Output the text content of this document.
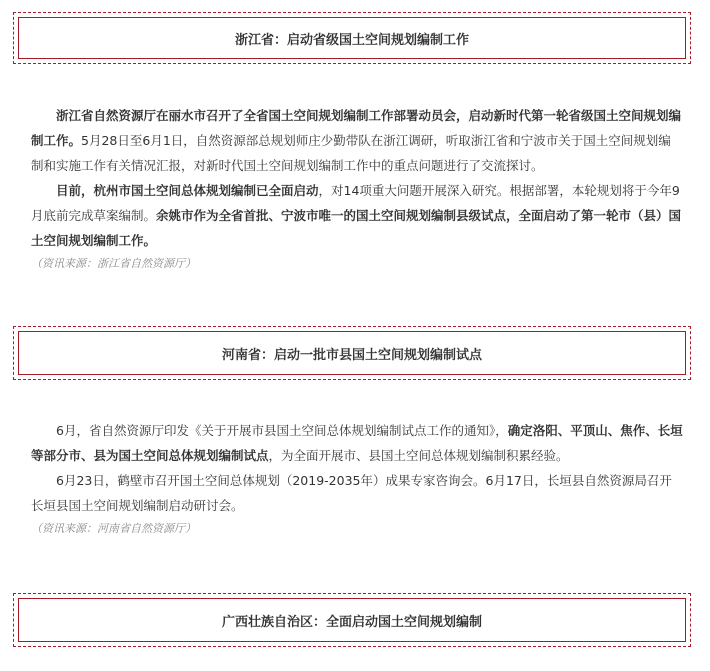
浙江省：启动省级国土空间规划编制工作

浙江省自然资源厅在丽水市召开了全省国土空间规划编制工作部署动员会，启动新时代第一轮省级国土空间规划编制工作。5月28日至6月1日，自然资源部总规划师庄少勤带队在浙江调研，听取浙江省和宁波市关于国土空间规划编制和实施工作有关情况汇报，对新时代国土空间规划编制工作中的重点问题进行了交流探讨。

目前，杭州市国土空间总体规划编制已全面启动，对14项重大问题开展深入研究。根据部署，本轮规划将于今年9月底前完成草案编制。余姚市作为全省首批、宁波市唯一的国土空间规划编制县级试点，全面启动了第一轮市（县）国土空间规划编制工作。

（资讯来源：浙江省自然资源厅）
河南省：启动一批市县国土空间规划编制试点

6月，省自然资源厅印发《关于开展市县国土空间总体规划编制试点工作的通知》，确定洛阳、平顶山、焦作、长垣等部分市、县为国土空间总体规划编制试点，为全面开展市、县国土空间总体规划编制积累经验。

6月23日，鹤壁市召开国土空间总体规划（2019-2035年）成果专家咨询会。6月17日，长垣县自然资源局召开长垣县国土空间规划编制启动研讨会。

（资讯来源：河南省自然资源厅）
广西壮族自治区：全面启动国土空间规划编制
